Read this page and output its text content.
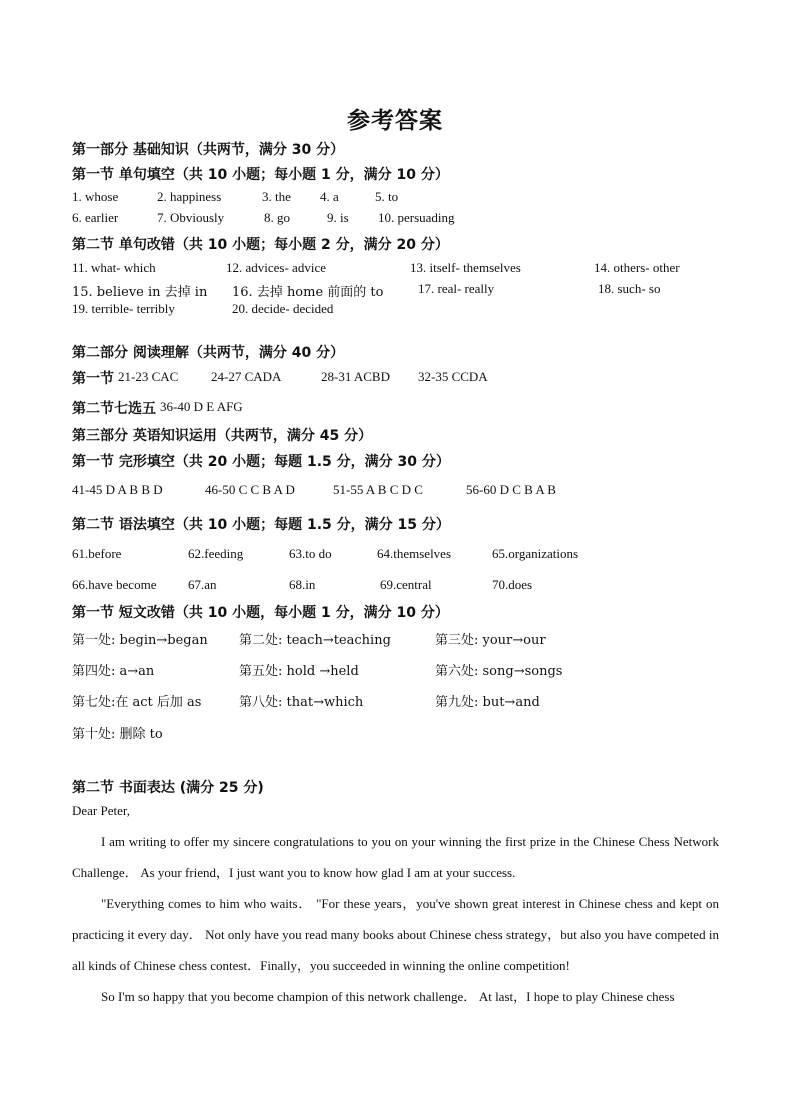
参考答案
第一部分 基础知识（共两节，满分 30 分）
第一节 单句填空（共 10 小题；每小题 1 分，满分 10 分）
1. whose	2. happiness	3. the 4. a	5. to
6. earlier	7. Obviously	8. go	9. is 10. persuading
第二节 单句改错（共 10 小题；每小题 2 分，满分 20 分）
11. what- which	12. advices- advice	13. itself- themselves	14. others- other
15. believe in 去掉 in 16. 去掉 home 前面的 to	17. real- really	18. such- so
19. terrible- terribly	20. decide- decided
第二部分 阅读理解（共两节，满分 40 分）
第一节 21-23 CAC	24-27 CADA	28-31 ACBD 32-35 CCDA
第二节七选五 36-40 D E AFG
第三部分 英语知识运用（共两节，满分 45 分）
第一节 完形填空（共 20 小题；每题 1.5 分，满分 30 分）
41-45 D A B B D	46-50 C C B A D	51-55 A B C D C	56-60 D C B A B
第二节 语法填空（共 10 小题；每题 1.5 分，满分 15 分）
61.before	62.feeding	63.to do	64.themselves	65.organizations
66.have become 67.an	68.in	69.central	70.does
第一节 短文改错（共 10 小题，每小题 1 分，满分 10 分）
第一处: begin→began 第二处: teach→teaching	第三处: your→our
第四处: a→an	第五处: hold →held	第六处: song→songs
第七处:在 act 后加 as	第八处: that→which	第九处: but→and
第十处: 删除 to
第二节 书面表达 (满分 25 分)
Dear Peter,

I am writing to offer my sincere congratulations to you on your winning the first prize in the Chinese Chess Network Challenge． As your friend，I just want you to know how glad I am at your success.

"Everything comes to him who waits． "For these years，you've shown great interest in Chinese chess and kept on practicing it every day． Not only have you read many books about Chinese chess strategy，but also you have competed in all kinds of Chinese chess contest．Finally，you succeeded in winning the online competition!

So I'm so happy that you become champion of this network challenge． At last，I hope to play Chinese chess
